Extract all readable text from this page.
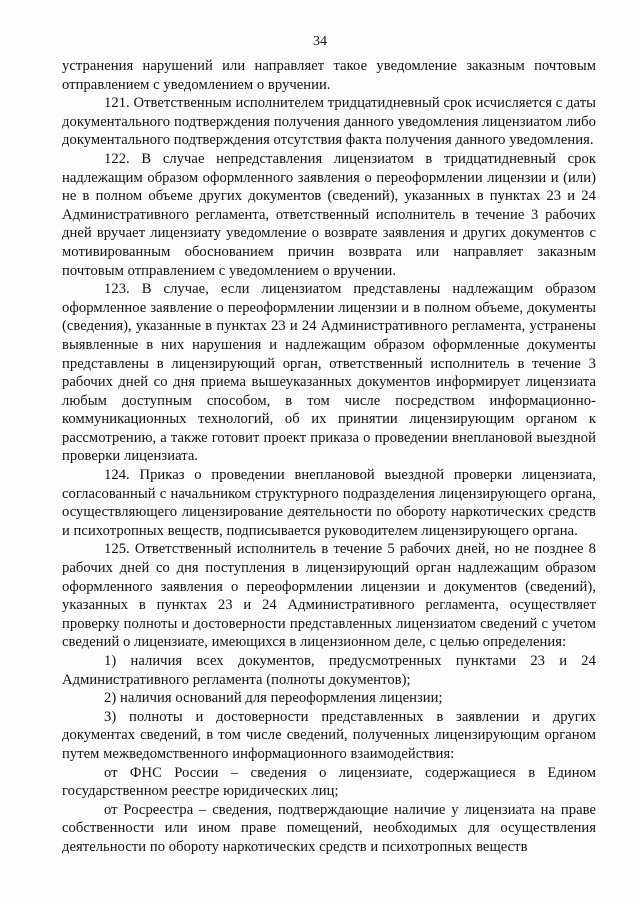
34

устранения нарушений или направляет такое уведомление заказным почтовым отправлением с уведомлением о вручении.

121. Ответственным исполнителем тридцатидневный срок исчисляется с даты документального подтверждения получения данного уведомления лицензиатом либо документального подтверждения отсутствия факта получения данного уведомления.

122. В случае непредставления лицензиатом в тридцатидневный срок надлежащим образом оформленного заявления о переоформлении лицензии и (или) не в полном объеме других документов (сведений), указанных в пунктах 23 и 24 Административного регламента, ответственный исполнитель в течение 3 рабочих дней вручает лицензиату уведомление о возврате заявления и других документов с мотивированным обоснованием причин возврата или направляет заказным почтовым отправлением с уведомлением о вручении.

123. В случае, если лицензиатом представлены надлежащим образом оформленное заявление о переоформлении лицензии и в полном объеме, документы (сведения), указанные в пунктах 23 и 24 Административного регламента, устранены выявленные в них нарушения и надлежащим образом оформленные документы представлены в лицензирующий орган, ответственный исполнитель в течение 3 рабочих дней со дня приема вышеуказанных документов информирует лицензиата любым доступным способом, в том числе посредством информационно-коммуникационных технологий, об их принятии лицензирующим органом к рассмотрению, а также готовит проект приказа о проведении внеплановой выездной проверки лицензиата.

124. Приказ о проведении внеплановой выездной проверки лицензиата, согласованный с начальником структурного подразделения лицензирующего органа, осуществляющего лицензирование деятельности по обороту наркотических средств и психотропных веществ, подписывается руководителем лицензирующего органа.

125. Ответственный исполнитель в течение 5 рабочих дней, но не позднее 8 рабочих дней со дня поступления в лицензирующий орган надлежащим образом оформленного заявления о переоформлении лицензии и документов (сведений), указанных в пунктах 23 и 24 Административного регламента, осуществляет проверку полноты и достоверности представленных лицензиатом сведений с учетом сведений о лицензиате, имеющихся в лицензионном деле, с целью определения:

1) наличия всех документов, предусмотренных пунктами 23 и 24 Административного регламента (полноты документов);

2) наличия оснований для переоформления лицензии;

3) полноты и достоверности представленных в заявлении и других документах сведений, в том числе сведений, полученных лицензирующим органом путем межведомственного информационного взаимодействия:

от ФНС России – сведения о лицензиате, содержащиеся в Едином государственном реестре юридических лиц;

от Росреестра – сведения, подтверждающие наличие у лицензиата на праве собственности или ином праве помещений, необходимых для осуществления деятельности по обороту наркотических средств и психотропных веществ
